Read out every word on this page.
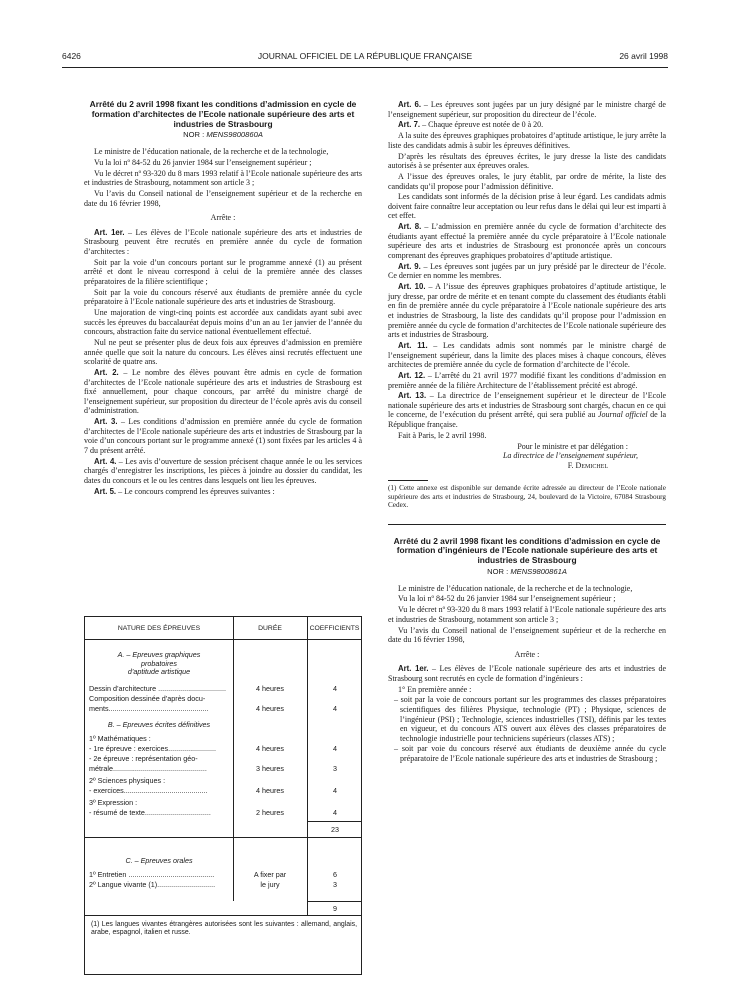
6426	JOURNAL OFFICIEL DE LA RÉPUBLIQUE FRANÇAISE	26 avril 1998
Arrêté du 2 avril 1998 fixant les conditions d’admission en cycle de formation d’architectes de l’Ecole nationale supérieure des arts et industries de Strasbourg
NOR : MENS9800860A

Le ministre de l’éducation nationale, de la recherche et de la technologie,

Vu la loi nº 84-52 du 26 janvier 1984 sur l’enseignement supérieur ;

Vu le décret nº 93-320 du 8 mars 1993 relatif à l’Ecole nationale supérieure des arts et industries de Strasbourg, notamment son article 3 ;

Vu l’avis du Conseil national de l’enseignement supérieur et de la recherche en date du 16 février 1998,

Arrête :

Art. 1er. – Les élèves de l’Ecole nationale supérieure des arts et industries de Strasbourg peuvent être recrutés en première année du cycle de formation d’architectes :

Soit par la voie d’un concours portant sur le programme annexé (1) au présent arrêté et dont le niveau correspond à celui de la première année des classes préparatoires de la filière scientifique ;

Soit par la voie du concours réservé aux étudiants de première année du cycle préparatoire à l’Ecole nationale supérieure des arts et industries de Strasbourg.

Une majoration de vingt-cinq points est accordée aux candidats ayant subi avec succès les épreuves du baccalauréat depuis moins d’un an au 1er janvier de l’année du concours, abstraction faite du service national éventuellement effectué.

Nul ne peut se présenter plus de deux fois aux épreuves d’admission en première année quelle que soit la nature du concours. Les élèves ainsi recrutés effectuent une scolarité de quatre ans.

Art. 2. – Le nombre des élèves pouvant être admis en cycle de formation d’architectes de l’Ecole nationale supérieure des arts et industries de Strasbourg est fixé annuellement, pour chaque concours, par arrêté du ministre chargé de l’enseignement supérieur, sur proposition du directeur de l’école après avis du conseil d’administration.

Art. 3. – Les conditions d’admission en première année du cycle de formation d’architectes de l’Ecole nationale supérieure des arts et industries de Strasbourg par la voie d’un concours portant sur le programme annexé (1) sont fixées par les articles 4 à 7 du présent arrêté.

Art. 4. – Les avis d’ouverture de session précisent chaque année le ou les services chargés d’enregistrer les inscriptions, les pièces à joindre au dossier du candidat, les dates du concours et le ou les centres dans lesquels ont lieu les épreuves.

Art. 5. – Le concours comprend les épreuves suivantes :

NATURE DES ÉPREUVES	DURÉE	COEFFICIENTS
A. – Epreuves graphiques
probatoires
d’aptitude artistique
Dessin d’architecture ..................................	4 heures	4
Composition dessinée d’après docu-
ments..................................................	4 heures	4
B. – Epreuves écrites définitives
1º Mathématiques :
- 1re épreuve : exercices........................	4 heures	4
- 2e épreuve : représentation géo-
métrale...............................................	3 heures	3
2º Sciences physiques :
- exercices..........................................	4 heures	4
3º Expression :
- résumé de texte.................................	2 heures	4
23
C. – Epreuves orales
1º Entretien ...........................................	A fixer par	6
2º Langue vivante (1).............................	le jury	3
9
(1) Les langues vivantes étrangères autorisées sont les suivantes : allemand, anglais, arabe, espagnol, italien et russe.

Art. 6. – Les épreuves sont jugées par un jury désigné par le ministre chargé de l’enseignement supérieur, sur proposition du directeur de l’école.

Art. 7. – Chaque épreuve est notée de 0 à 20.

A la suite des épreuves graphiques probatoires d’aptitude artistique, le jury arrête la liste des candidats admis à subir les épreuves définitives.

D’après les résultats des épreuves écrites, le jury dresse la liste des candidats autorisés à se présenter aux épreuves orales.

A l’issue des épreuves orales, le jury établit, par ordre de mérite, la liste des candidats qu’il propose pour l’admission définitive.

Les candidats sont informés de la décision prise à leur égard. Les candidats admis doivent faire connaître leur acceptation ou leur refus dans le délai qui leur est imparti à cet effet.

Art. 8. – L’admission en première année du cycle de formation d’architecte des étudiants ayant effectué la première année du cycle préparatoire à l’Ecole nationale supérieure des arts et industries de Strasbourg est prononcée après un concours comprenant des épreuves graphiques probatoires d’aptitude artistique.

Art. 9. – Les épreuves sont jugées par un jury présidé par le directeur de l’école. Ce dernier en nomme les membres.

Art. 10. – A l’issue des épreuves graphiques probatoires d’aptitude artistique, le jury dresse, par ordre de mérite et en tenant compte du classement des étudiants établi en fin de première année du cycle préparatoire à l’Ecole nationale supérieure des arts et industries de Strasbourg, la liste des candidats qu’il propose pour l’admission en première année du cycle de formation d’architectes de l’Ecole nationale supérieure des arts et industries de Strasbourg.

Art. 11. – Les candidats admis sont nommés par le ministre chargé de l’enseignement supérieur, dans la limite des places mises à chaque concours, élèves architectes de première année du cycle de formation d’architecte de l’école.

Art. 12. – L’arrêté du 21 avril 1977 modifié fixant les conditions d’admission en première année de la filière Architecture de l’établissement précité est abrogé.

Art. 13. – La directrice de l’enseignement supérieur et le directeur de l’Ecole nationale supérieure des arts et industries de Strasbourg sont chargés, chacun en ce qui le concerne, de l’exécution du présent arrêté, qui sera publié au Journal officiel de la République française.

Fait à Paris, le 2 avril 1998.

Pour le ministre et par délégation :
La directrice de l’enseignement supérieur,
F. Demichel
(1) Cette annexe est disponible sur demande écrite adressée au directeur de l’Ecole nationale supérieure des arts et industries de Strasbourg, 24, boulevard de la Victoire, 67084 Strasbourg Cedex.
Arrêté du 2 avril 1998 fixant les conditions d’admission en cycle de formation d’ingénieurs de l’Ecole nationale supérieure des arts et industries de Strasbourg
NOR : MENS9800861A

Le ministre de l’éducation nationale, de la recherche et de la technologie,

Vu la loi nº 84-52 du 26 janvier 1984 sur l’enseignement supérieur ;

Vu le décret nº 93-320 du 8 mars 1993 relatif à l’Ecole nationale supérieure des arts et industries de Strasbourg, notamment son article 3 ;

Vu l’avis du Conseil national de l’enseignement supérieur et de la recherche en date du 16 février 1998,

Arrête :

Art. 1er. – Les élèves de l’Ecole nationale supérieure des arts et industries de Strasbourg sont recrutés en cycle de formation d’ingénieurs :

1° En première année :

– soit par la voie de concours portant sur les programmes des classes préparatoires scientifiques des filières Physique, technologie (PT) ; Physique, sciences de l’ingénieur (PSI) ; Technologie, sciences industrielles (TSI), définis par les textes en vigueur, et du concours ATS ouvert aux élèves des classes préparatoires de technologie industrielle pour techniciens supérieurs (classes ATS) ;
– soit par voie du concours réservé aux étudiants de deuxième année du cycle préparatoire de l’Ecole nationale supérieure des arts et industries de Strasbourg ;
